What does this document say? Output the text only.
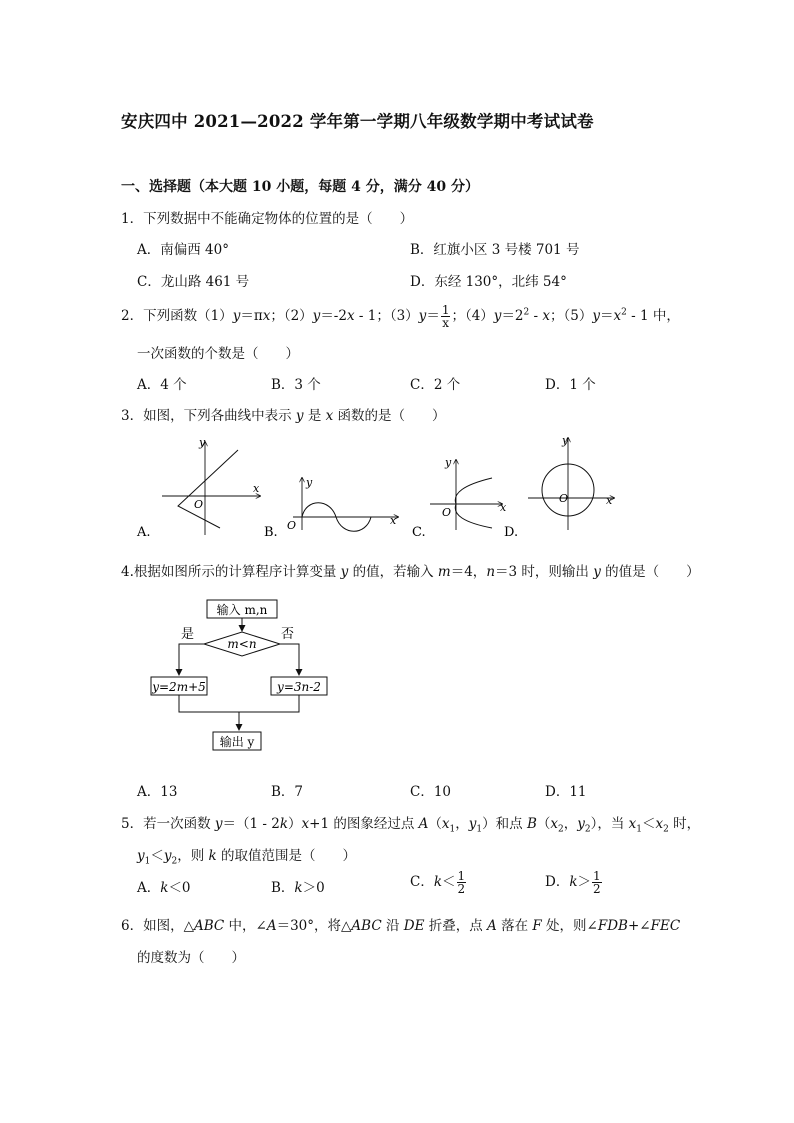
安庆四中 2021—2022 学年第一学期八年级数学期中考试试卷
一、选择题（本大题 10 小题，每题 4 分，满分 40 分）
1．下列数据中不能确定物体的位置的是（　　）
A．南偏西 40°	B．红旗小区 3 号楼 701 号
C．龙山路 461 号	D．东经 130°，北纬 54°
2．下列函数（1）y＝πx；（2）y＝-2x - 1；$(3)y= \frac{1}{x}$ ；$(4)y=2^2 - x$；$(5)y=x^2 - 1$ 中，
一次函数的个数是（　　）
A．4 个	B．3 个	C．2 个	D．1 个
3．如图，下列各曲线中表示 y 是 x 函数的是（　　）
x
y
O
A.
x
y
O
B.
x
y
O
C.
x
y
O
D.
4.根据如图所示的计算程序计算变量 y 的值，若输入 m＝4，n＝3 时，则输出 y 的值是（　　）
输入 m,n
m<n
是	否
y=2m+5	y=3n-2
输出 y
A．13	B．7	C．10	D．11
5．若一次函数 y＝（1 - 2k）x+1 的图象经过点 $A(x_1$，$y_1$）和点 $B(x_2$，$y_2$），当 $x_1<x_2$ 时，
$y_1<y_2$，则 k 的取值范围是（　　）
A．k＜0	B．k＞0	C．$k< \frac{1}{2}$	D．$k> \frac{1}{2}$
6．如图，△ABC 中，∠A＝30°，将△ABC 沿 DE 折叠，点 A 落在 F 处，则∠FDB+∠FEC
的度数为（　　）
